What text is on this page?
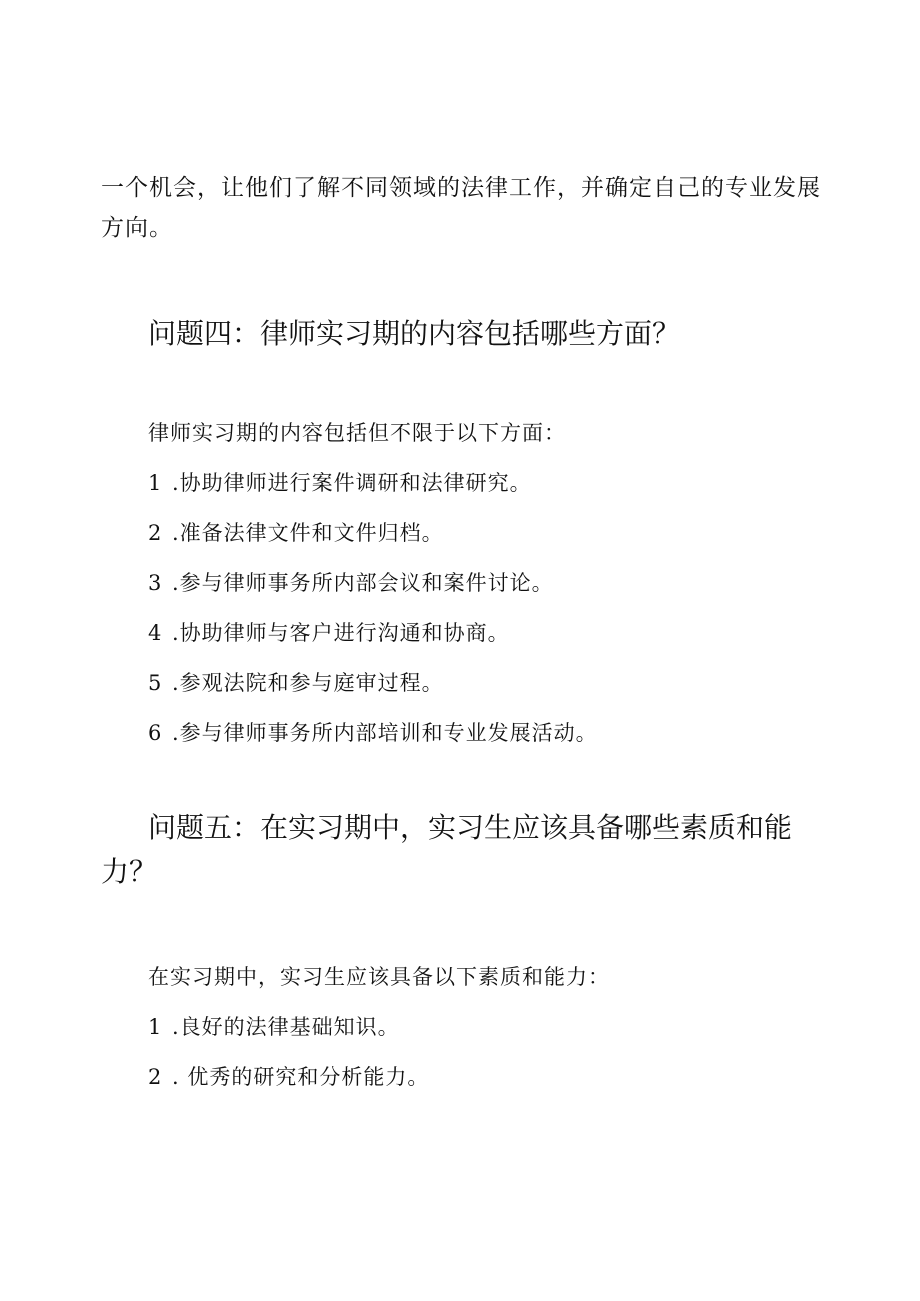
一个机会，让他们了解不同领域的法律工作，并确定自己的专业发展方向。

问题四：律师实习期的内容包括哪些方面？
律师实习期的内容包括但不限于以下方面：
1 .协助律师进行案件调研和法律研究。
2 .准备法律文件和文件归档。
3 .参与律师事务所内部会议和案件讨论。
4 .协助律师与客户进行沟通和协商。
5 .参观法院和参与庭审过程。
6 .参与律师事务所内部培训和专业发展活动。
问题五：在实习期中，实习生应该具备哪些素质和能力？
在实习期中，实习生应该具备以下素质和能力：
1 .良好的法律基础知识。
2 . 优秀的研究和分析能力。
